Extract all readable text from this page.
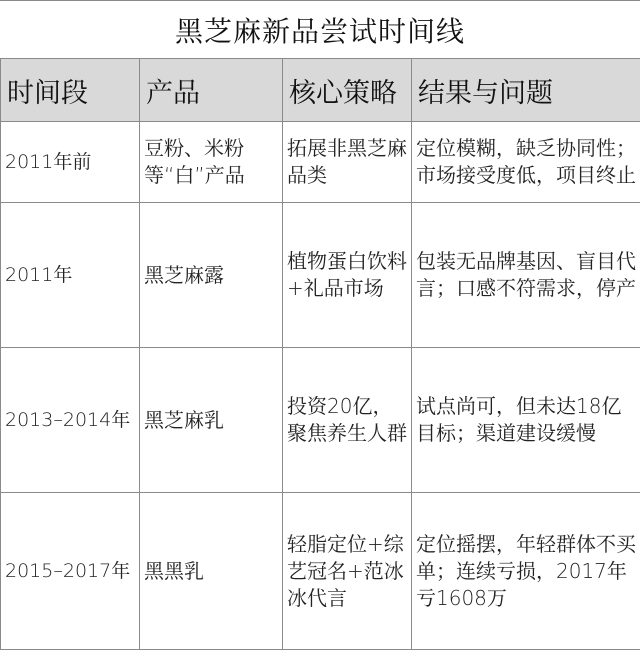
黑芝麻新品尝试时间线
时间段	产品	核心策略	结果与问题
2011年前	豆粉、米粉等“白”产品	拓展非黑芝麻品类	定位模糊，缺乏协同性；市场接受度低，项目终止

2011年	黑芝麻露	植物蛋白饮料+礼品市场	包装无品牌基因、盲目代言；口感不符需求，停产
2013–2014年	黑芝麻乳	投资20亿，聚焦养生人群	试点尚可，但未达18亿目标；渠道建设缓慢
2015–2017年	黑黑乳	轻脂定位+综艺冠名+范冰冰代言	定位摇摆，年轻群体不买单；连续亏损，2017年亏1608万
